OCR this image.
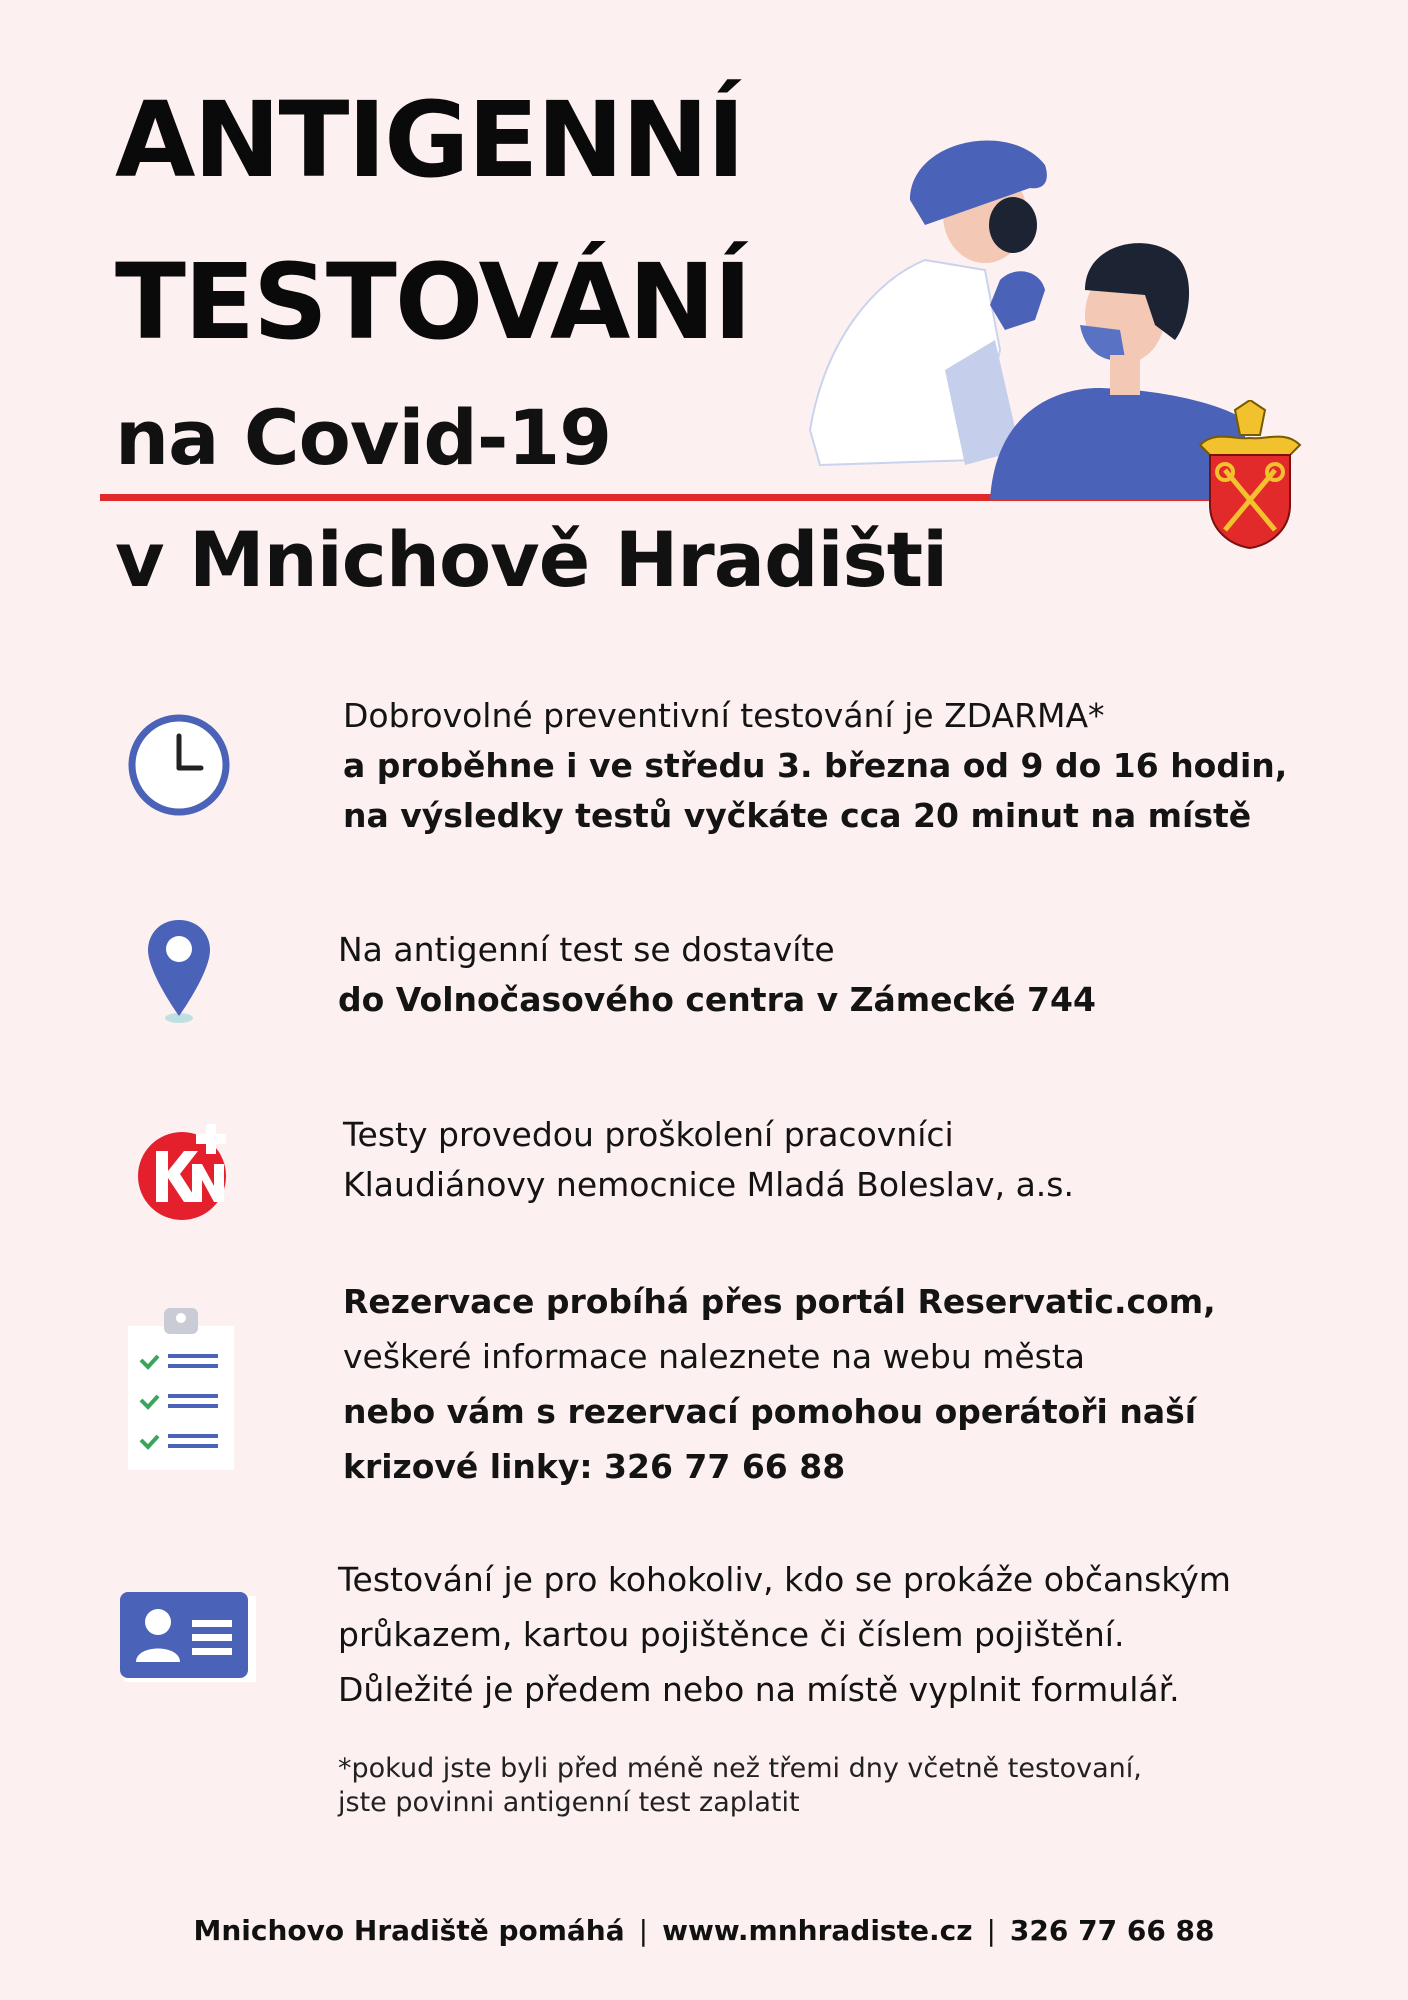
ANTIGENNÍ
TESTOVÁNÍ
na Covid-19
v Mnichově Hradišti
Dobrovolné preventivní testování je ZDARMA*
a proběhne i ve středu 3. března od 9 do 16 hodin,
na výsledky testů vyčkáte cca 20 minut na místě
Na antigenní test se dostavíte
do Volnočasového centra v Zámecké 744
Testy provedou proškolení pracovníci
Klaudiánovy nemocnice Mladá Boleslav, a.s.
Rezervace probíhá přes portál Reservatic.com,
veškeré informace naleznete na webu města
nebo vám s rezervací pomohou operátoři naší
krizové linky: 326 77 66 88
Testování je pro kohokoliv, kdo se prokáže občanským
průkazem, kartou pojištěnce či číslem pojištění.
Důležité je předem nebo na místě vyplnit formulář.
*pokud jste byli před méně než třemi dny včetně testovaní,
jste povinni antigenní test zaplatit
Mnichovo Hradiště pomáhá | www.mnhradiste.cz | 326 77 66 88
